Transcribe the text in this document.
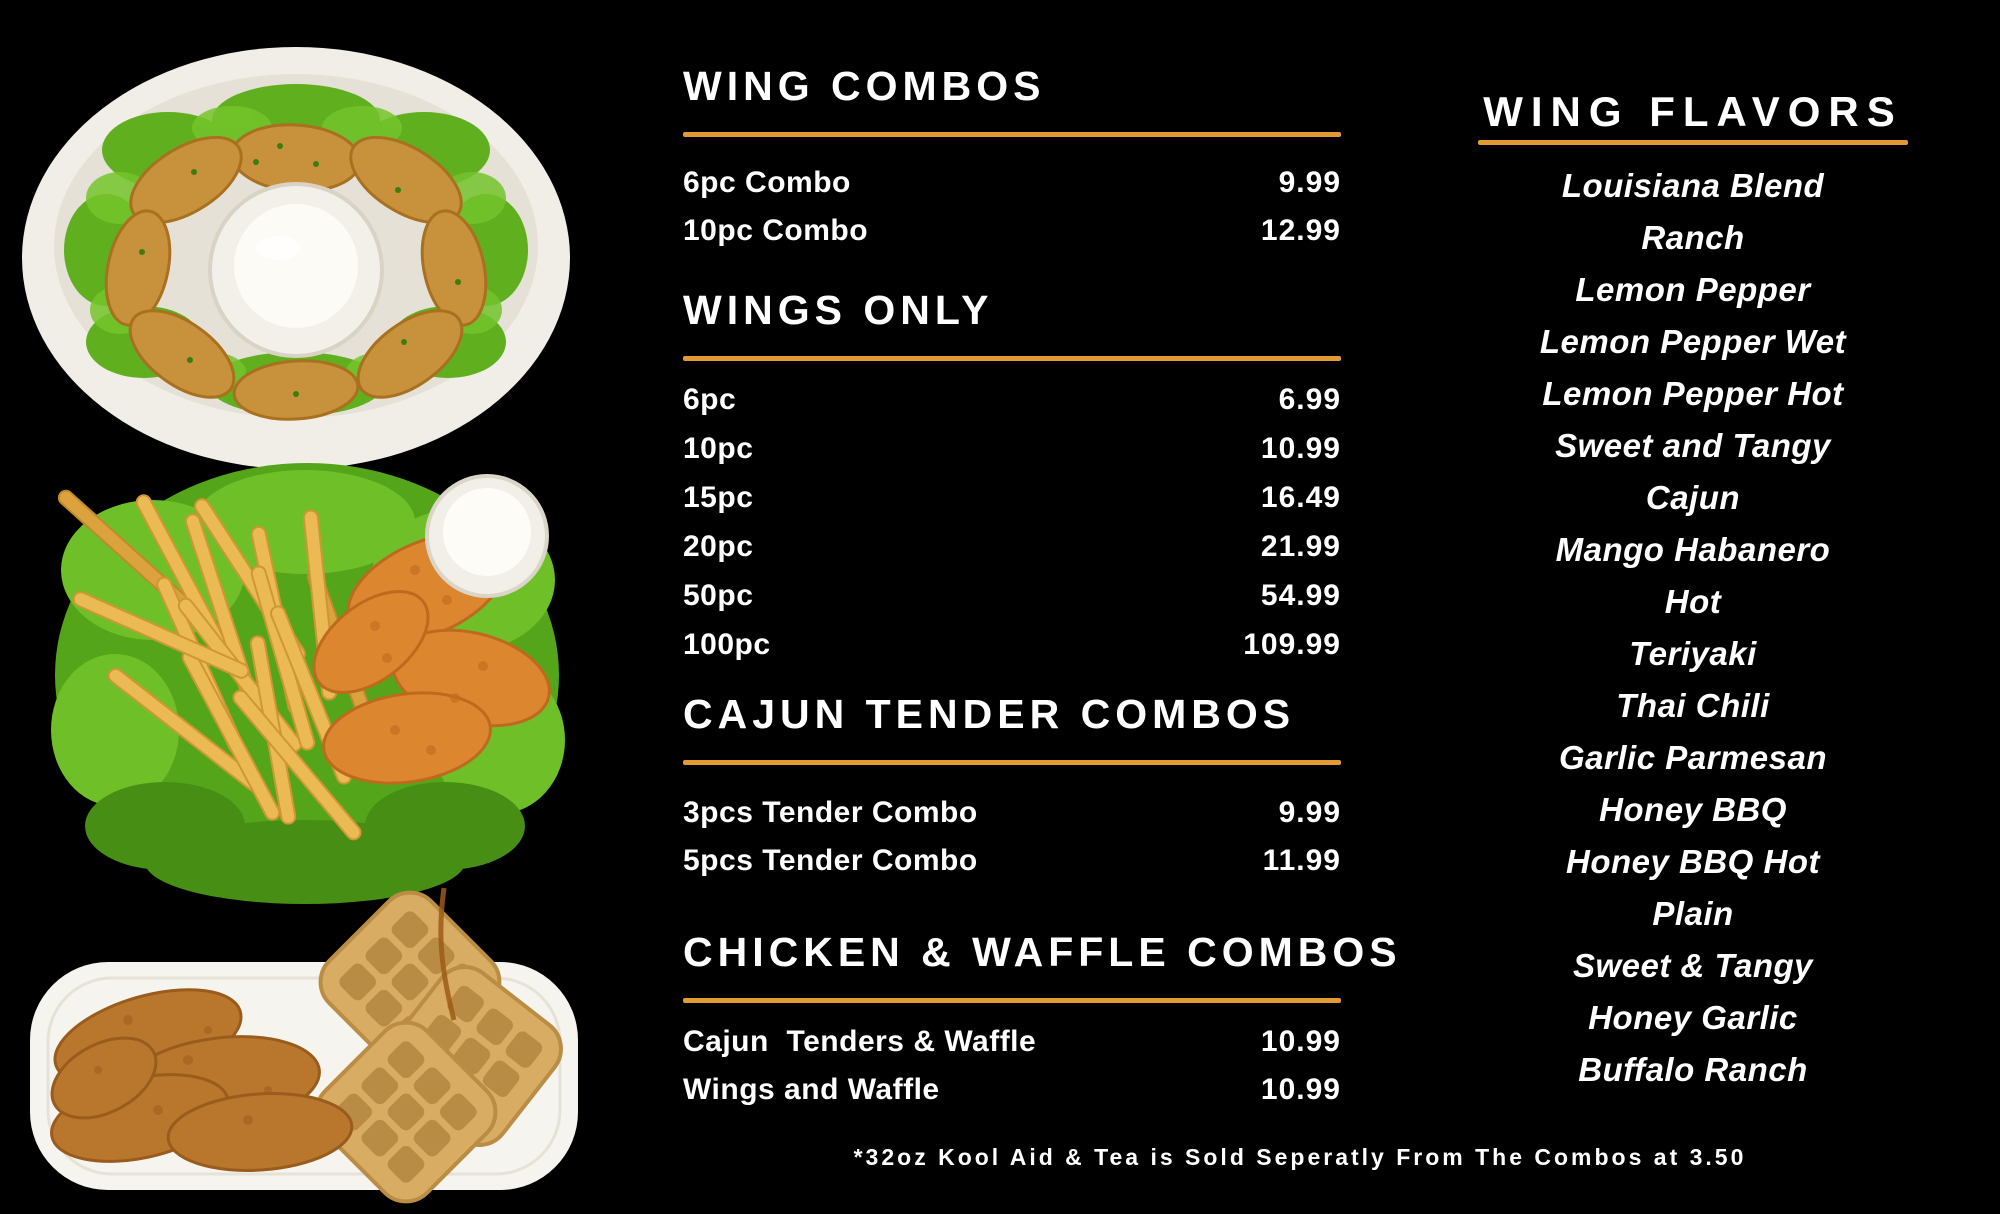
WING COMBOS
6pc Combo	9.99
10pc Combo	12.99
WINGS ONLY
6pc	6.99
10pc	10.99
15pc	16.49
20pc	21.99
50pc	54.99
100pc	109.99
CAJUN TENDER COMBOS
3pcs Tender Combo	9.99
5pcs Tender Combo	11.99
CHICKEN & WAFFLE COMBOS
Cajun  Tenders & Waffle	10.99
Wings and Waffle	10.99
WING FLAVORS
Louisiana Blend
Ranch
Lemon Pepper
Lemon Pepper Wet
Lemon Pepper Hot
Sweet and Tangy
Cajun
Mango Habanero
Hot
Teriyaki
Thai Chili
Garlic Parmesan
Honey BBQ
Honey BBQ Hot
Plain
Sweet & Tangy
Honey Garlic
Buffalo Ranch

*32oz Kool Aid & Tea is Sold Seperatly From The Combos at 3.50
